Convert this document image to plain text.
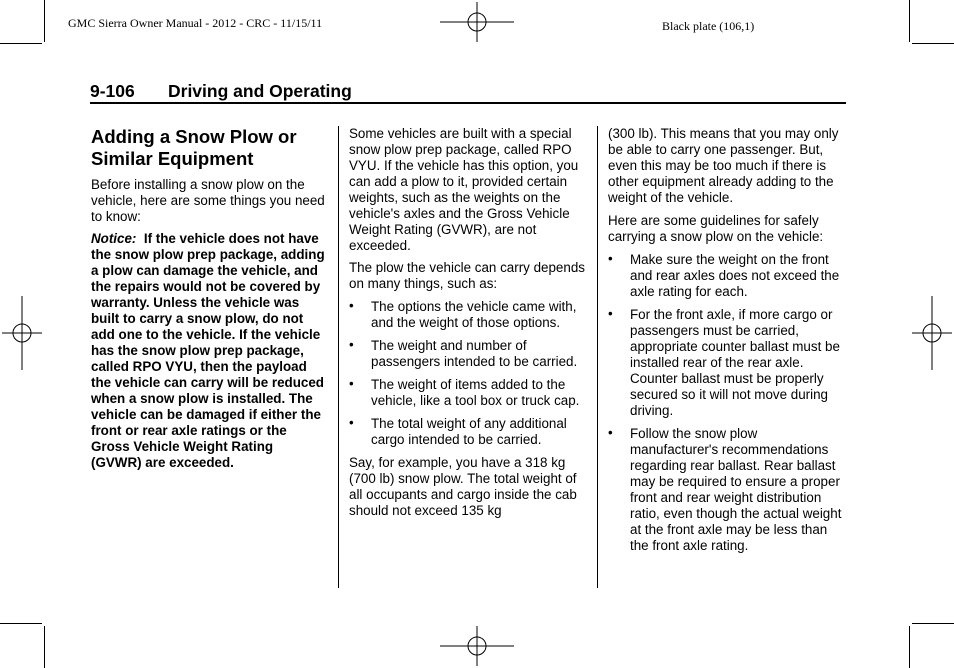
GMC Sierra Owner Manual - 2012 - CRC - 11/15/11	Black plate (106,1)
9-106 Driving and Operating
Adding a Snow Plow or Similar Equipment

Before installing a snow plow on the vehicle, here are some things you need to know:

Notice: If the vehicle does not have the snow plow prep package, adding a plow can damage the vehicle, and the repairs would not be covered by warranty. Unless the vehicle was built to carry a snow plow, do not add one to the vehicle. If the vehicle has the snow plow prep package, called RPO VYU, then the payload the vehicle can carry will be reduced when a snow plow is installed. The vehicle can be damaged if either the front or rear axle ratings or the Gross Vehicle Weight Rating (GVWR) are exceeded.

Some vehicles are built with a special snow plow prep package, called RPO VYU. If the vehicle has this option, you can add a plow to it, provided certain weights, such as the weights on the vehicle's axles and the Gross Vehicle Weight Rating (GVWR), are not exceeded.

The plow the vehicle can carry depends on many things, such as:

• The options the vehicle came with, and the weight of those options.
• The weight and number of passengers intended to be carried.
• The weight of items added to the vehicle, like a tool box or truck cap.
• The total weight of any additional cargo intended to be carried.

Say, for example, you have a 318 kg (700 lb) snow plow. The total weight of all occupants and cargo inside the cab should not exceed 135 kg

(300 lb). This means that you may only be able to carry one passenger. But, even this may be too much if there is other equipment already adding to the weight of the vehicle.

Here are some guidelines for safely carrying a snow plow on the vehicle:

• Make sure the weight on the front and rear axles does not exceed the axle rating for each.
• For the front axle, if more cargo or passengers must be carried, appropriate counter ballast must be installed rear of the rear axle. Counter ballast must be properly secured so it will not move during driving.
• Follow the snow plow manufacturer's recommendations regarding rear ballast. Rear ballast may be required to ensure a proper front and rear weight distribution ratio, even though the actual weight at the front axle may be less than the front axle rating.
